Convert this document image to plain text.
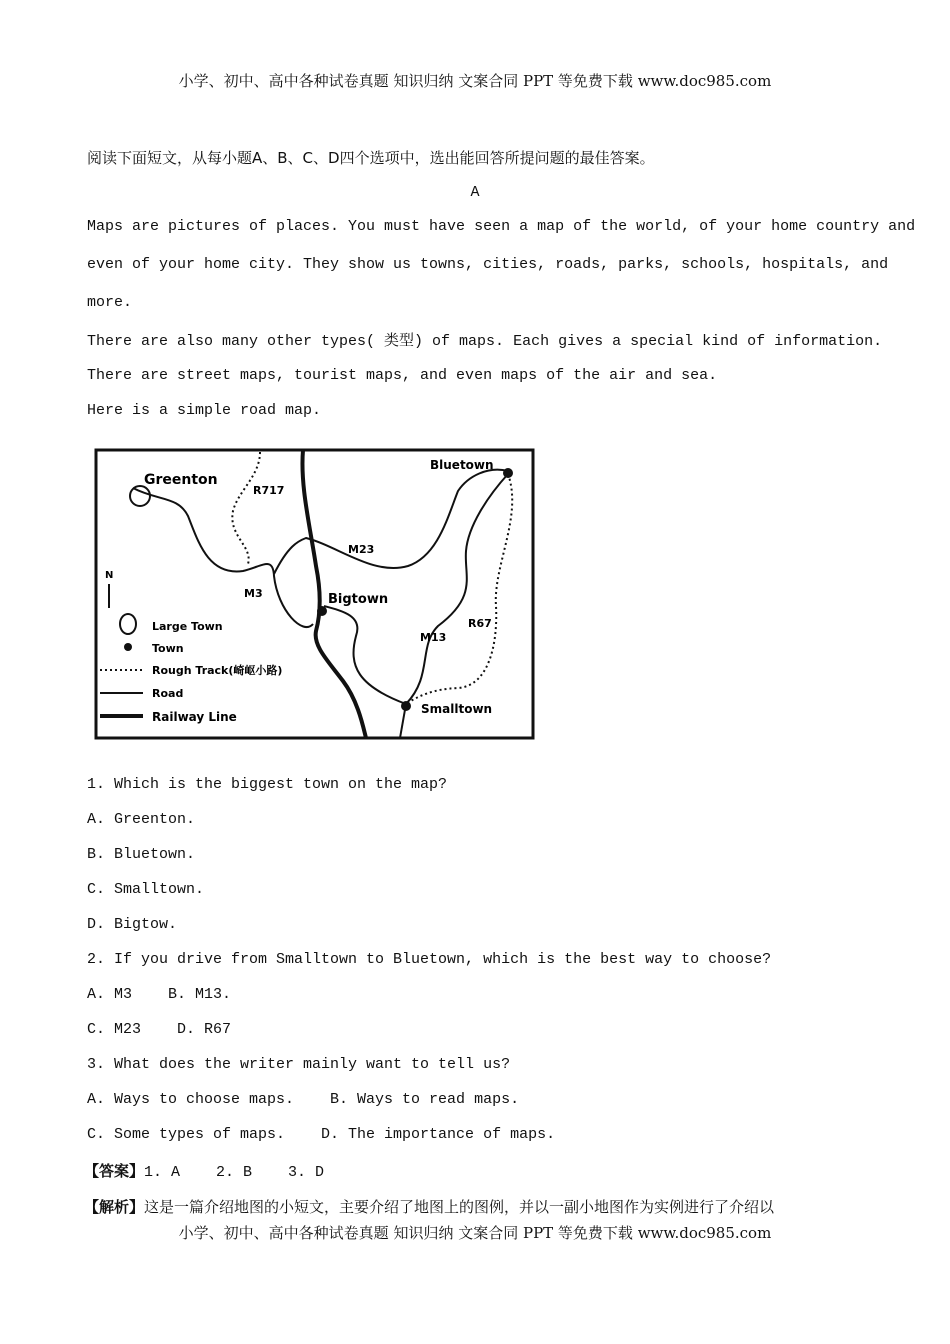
小学、初中、高中各种试卷真题 知识归纳 文案合同 PPT 等免费下载 www.doc985.com
阅读下面短文，从每小题A、B、C、D四个选项中，选出能回答所提问题的最佳答案。
A
Maps are pictures of places. You must have seen a map of the world, of your home country and
even of your home city. They show us towns, cities, roads, parks, schools, hospitals, and
more.
There are also many other types( 类型) of maps. Each gives a special kind of information.
There are street maps, tourist maps, and even maps of the air and sea.
Here is a simple road map.
Greenton
Bluetown
Bigtown
Smalltown
R717
M23
M3
M13
R67
N
Large Town
Town
Rough Track(崎岖小路)
Road
Railway Line
1. Which is the biggest town on the map?
A. Greenton.
B. Bluetown.
C. Smalltown.
D. Bigtow.
2. If you drive from Smalltown to Bluetown, which is the best way to choose?
A. M3    B. M13.
C. M23    D. R67
3. What does the writer mainly want to tell us?
A. Ways to choose maps.    B. Ways to read maps.
C. Some types of maps.    D. The importance of maps.
【答案】1. A    2. B    3. D
【解析】这是一篇介绍地图的小短文，主要介绍了地图上的图例，并以一副小地图作为实例进行了介绍以
小学、初中、高中各种试卷真题 知识归纳 文案合同 PPT 等免费下载 www.doc985.com
